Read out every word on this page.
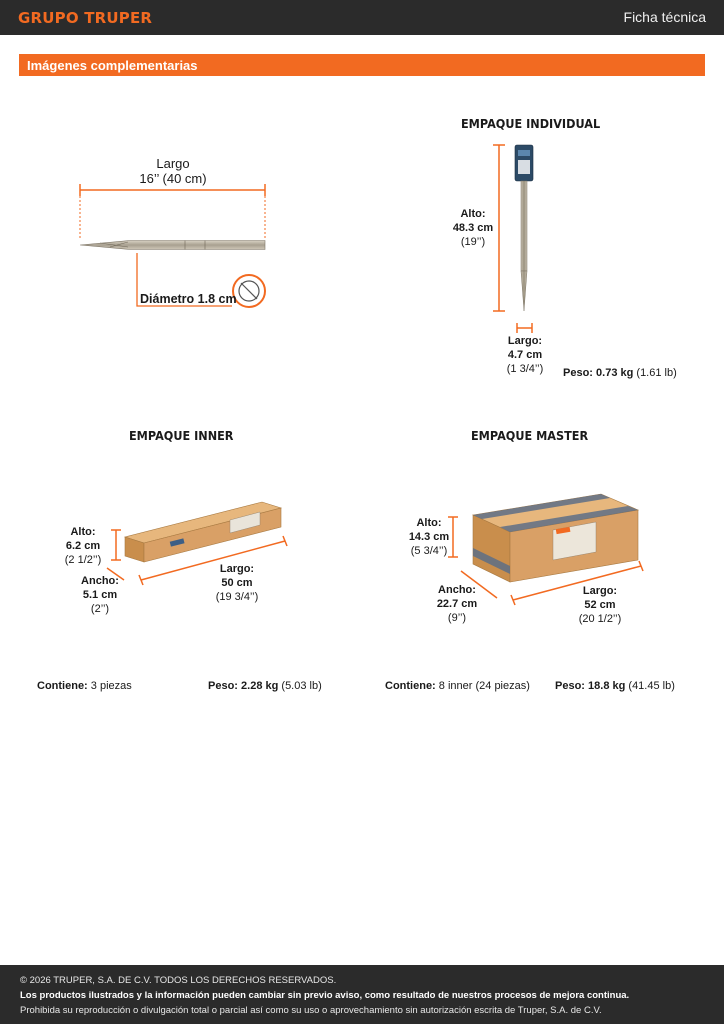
GRUPO TRUPER	Ficha técnica
Imágenes complementarias
Largo
16’’ (40 cm)
Diámetro 1.8 cm
EMPAQUE INDIVIDUAL
Alto:
48.3 cm
(19’’)
Largo:
4.7 cm
(1 3/4’’)	Peso: 0.73 kg (1.61 lb)
EMPAQUE INNER
Alto:
6.2 cm
(2 1/2’’)
Ancho:
5.1 cm
(2’’)
Largo:
50 cm
(19 3/4’’)
Contiene: 3 piezas	Peso: 2.28 kg (5.03 lb)
EMPAQUE MASTER
Alto:
14.3 cm
(5 3/4’’)
Ancho:
22.7 cm
(9’’)
Largo:
52 cm
(20 1/2’’)
Contiene: 8 inner (24 piezas) Peso: 18.8 kg (41.45 lb)
© 2026 TRUPER, S.A. DE C.V. TODOS LOS DERECHOS RESERVADOS.
Los productos ilustrados y la información pueden cambiar sin previo aviso, como resultado de nuestros procesos de mejora continua.
Prohibida su reproducción o divulgación total o parcial así como su uso o aprovechamiento sin autorización escrita de Truper, S.A. de C.V.
